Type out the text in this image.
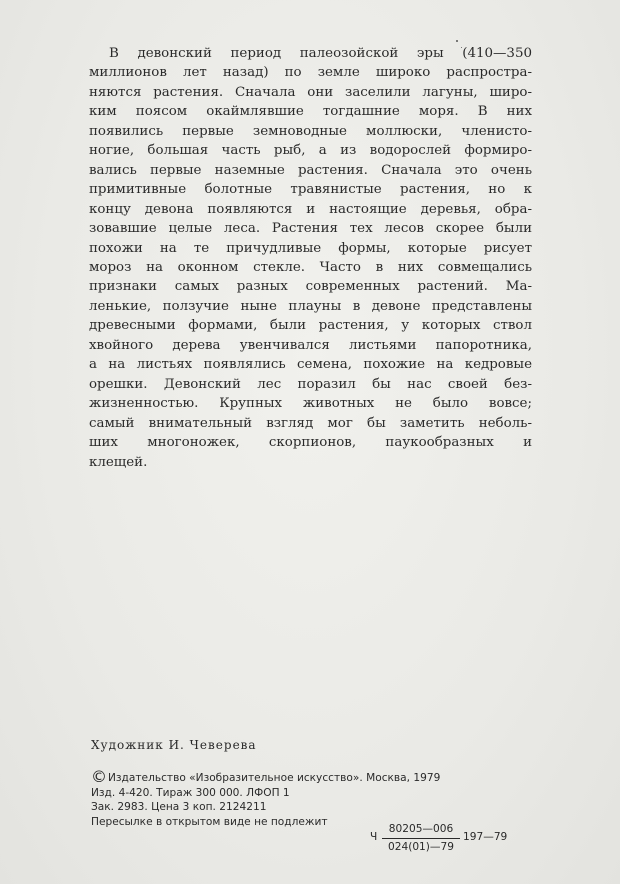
В девонский период палеозойской эры (410—350
миллионов лет назад) по земле широко распростра-
няются растения. Сначала они заселили лагуны, широ-
ким поясом окаймлявшие тогдашние моря. В них
появились первые земноводные моллюски, членисто-
ногие, большая часть рыб, а из водорослей формиро-
вались первые наземные растения. Сначала это очень
примитивные болотные травянистые растения, но к
концу девона появляются и настоящие деревья, обра-
зовавшие целые леса. Растения тех лесов скорее были
похожи на те причудливые формы, которые рисует
мороз на оконном стекле. Часто в них совмещались
признаки самых разных современных растений. Ма-
ленькие, ползучие ныне плауны в девоне представлены
древесными формами, были растения, у которых ствол
хвойного дерева увенчивался листьями папоротника,
а на листьях появлялись семена, похожие на кедровые
орешки. Девонский лес поразил бы нас своей без-
жизненностью. Крупных животных не было вовсе;
самый внимательный взгляд мог бы заметить неболь-
ших многоножек, скорпионов, паукообразных и
клещей.
Художник И. Чеверева
©Издательство «Изобразительное искусство». Москва, 1979
Изд. 4-420. Тираж 300 000. ЛФОП 1
Зак. 2983. Цена 3 коп. 2124211
Ч $\frac{80205—006}{024(01)—79}$ 197—79
Пересылке в открытом виде не подлежит
